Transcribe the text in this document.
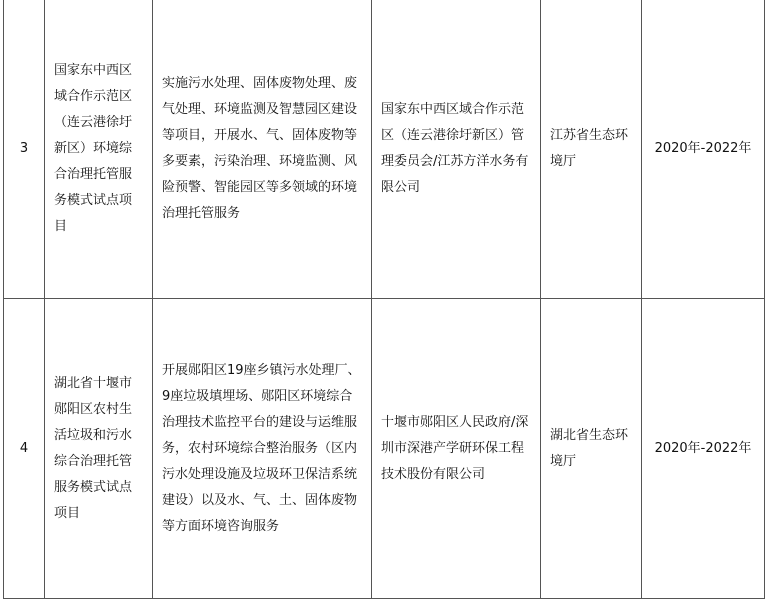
3	国家东中西区域合作示范区（连云港徐圩新区）环境综合治理托管服务模式试点项目	实施污水处理、固体废物处理、废气处理、环境监测及智慧园区建设等项目，开展水、气、固体废物等多要素，污染治理、环境监测、风险预警、智能园区等多领域的环境治理托管服务	国家东中西区域合作示范区（连云港徐圩新区）管理委员会/江苏方洋水务有限公司	江苏省生态环境厅	2020年-2022年
4	湖北省十堰市郧阳区农村生活垃圾和污水综合治理托管服务模式试点项目	开展郧阳区19座乡镇污水处理厂、9座垃圾填埋场、郧阳区环境综合治理技术监控平台的建设与运维服务，农村环境综合整治服务（区内污水处理设施及垃圾环卫保洁系统建设）以及水、气、土、固体废物等方面环境咨询服务	十堰市郧阳区人民政府/深圳市深港产学研环保工程技术股份有限公司	湖北省生态环境厅	2020年-2022年
